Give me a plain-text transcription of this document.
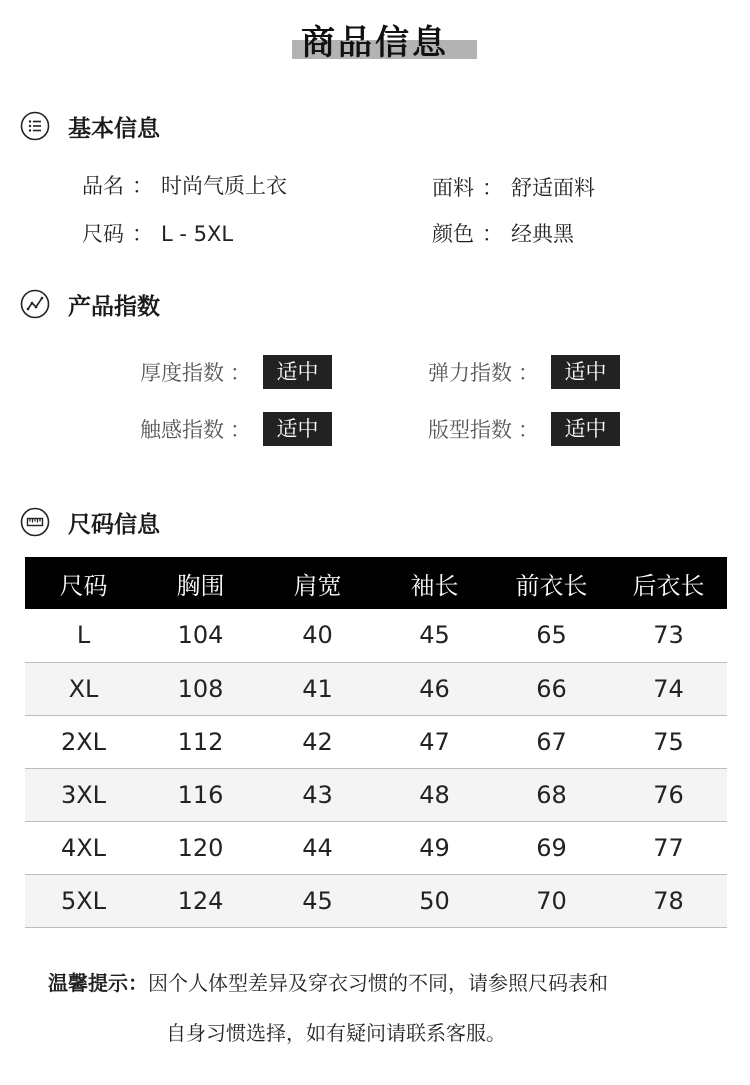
商品信息
基本信息
品名 ： 时尚气质上衣	面料 ： 舒适面料
尺码 ： L - 5XL	颜色 ： 经典黑
产品指数
厚度指数 ：	适中	弹力指数 ：	适中
触感指数 ：	适中	版型指数 ：	适中
尺码信息
尺码	胸围	肩宽	袖长	前衣长	后衣长
L	104	40	45	65	73
XL	108	41	46	66	74
2XL	112	42	47	67	75
3XL	116	43	48	68	76
4XL	120	44	49	69	77
5XL	124	45	50	70	78
温馨提示：因个人体型差异及穿衣习惯的不同，请参照尺码表和
自身习惯选择，如有疑问请联系客服。
